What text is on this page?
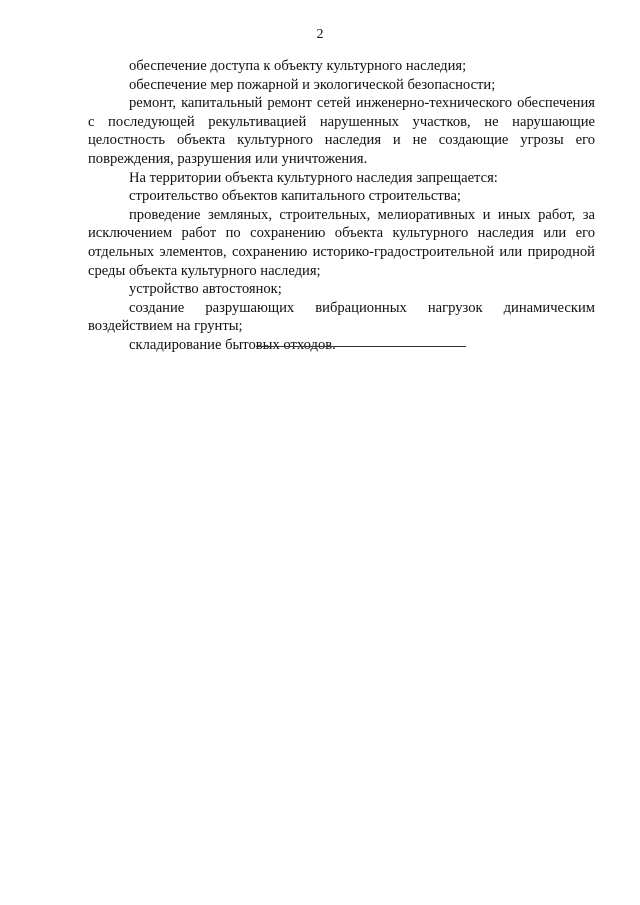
2

обеспечение доступа к объекту культурного наследия;

обеспечение мер пожарной и экологической безопасности;

ремонт, капитальный ремонт сетей инженерно-технического обеспечения с последующей рекультивацией нарушенных участков, не нарушающие целостность объекта культурного наследия и не создающие угрозы его повреждения, разрушения или уничтожения.

На территории объекта культурного наследия запрещается:

строительство объектов капитального строительства;

проведение земляных, строительных, мелиоративных и иных работ, за исключением работ по сохранению объекта культурного наследия или его отдельных элементов, сохранению историко-градостроительной или природной среды объекта культурного наследия;

устройство автостоянок;

создание разрушающих вибрационных нагрузок динамическим воздействием на грунты;

складирование бытовых отходов.
